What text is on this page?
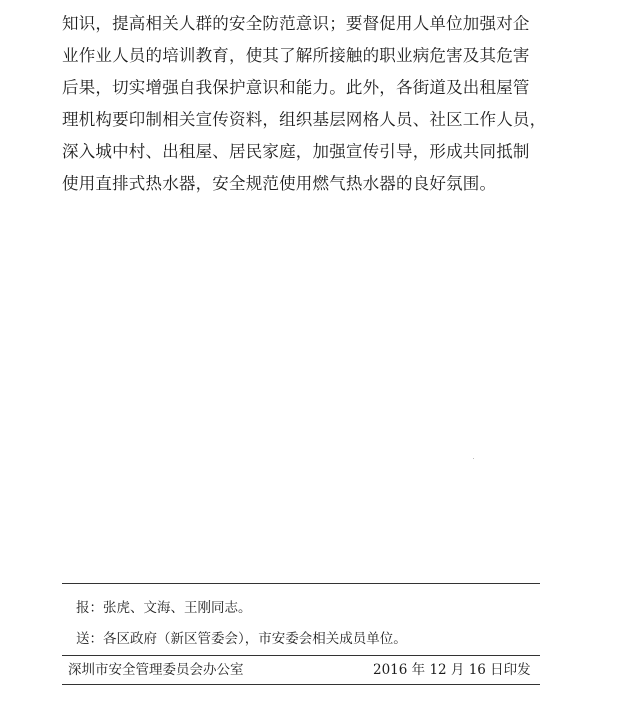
知识，提高相关人群的安全防范意识；要督促用人单位加强对企
业作业人员的培训教育，使其了解所接触的职业病危害及其危害
后果，切实增强自我保护意识和能力。此外，各街道及出租屋管
理机构要印制相关宣传资料，组织基层网格人员、社区工作人员，
深入城中村、出租屋、居民家庭，加强宣传引导，形成共同抵制
使用直排式热水器，安全规范使用燃气热水器的良好氛围。
报：张虎、文海、王刚同志。
送：各区政府（新区管委会），市安委会相关成员单位。
深圳市安全管理委员会办公室	2016 年 12 月 16 日印发
